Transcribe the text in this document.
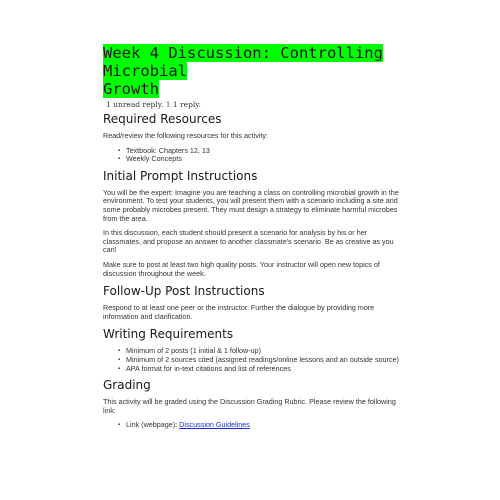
Week 4 Discussion: Controlling Microbial
Growth
1 unread reply. 1 1 reply.
Required Resources

Read/review the following resources for this activity:

▪ Textbook: Chapters 12, 13
▪ Weekly Concepts
Initial Prompt Instructions

You will be the expert: Imagine you are teaching a class on controlling microbial growth in the environment. To test your students, you will present them with a scenario including a site and some probably microbes present. They must design a strategy to eliminate harmful microbes from the area.

In this discussion, each student should present a scenario for analysis by his or her classmates, and propose an answer to another classmate's scenario. Be as creative as you can!

Make sure to post at least two high quality posts. Your instructor will open new topics of discussion throughout the week.

Follow-Up Post Instructions

Respond to at least one peer or the instructor. Further the dialogue by providing more information and clarification.

Writing Requirements
▪ Minimum of 2 posts (1 initial & 1 follow-up)
▪ Minimum of 2 sources cited (assigned readings/online lessons and an outside source)
▪ APA format for in-text citations and list of references
Grading

This activity will be graded using the Discussion Grading Rubric. Please review the following link:

▪ Link (webpage): Discussion Guidelines
